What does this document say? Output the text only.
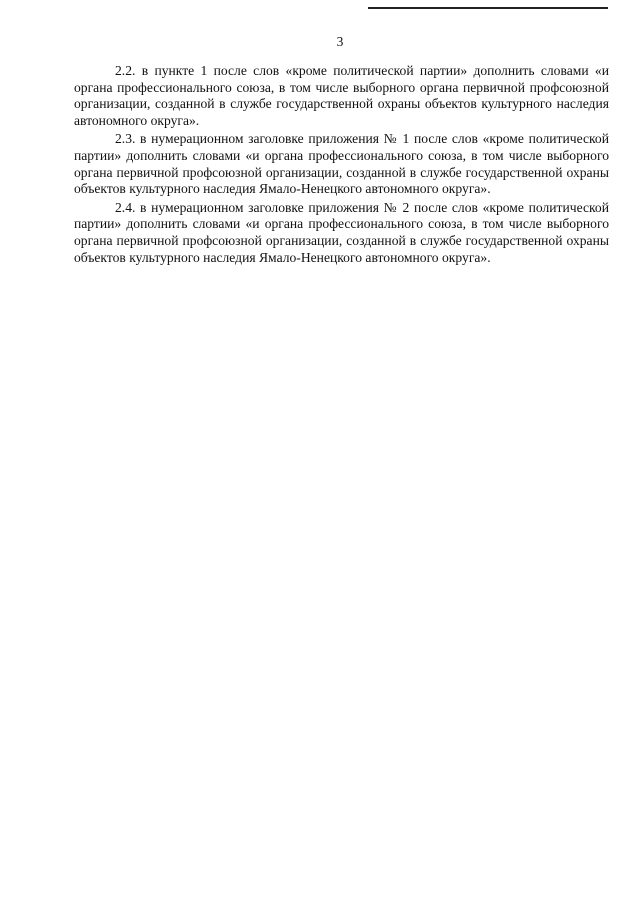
3

2.2. в пункте 1 после слов «кроме политической партии» дополнить словами «и органа профессионального союза, в том числе выборного органа первичной профсоюзной организации, созданной в службе государственной охраны объектов культурного наследия автономного округа».

2.3. в нумерационном заголовке приложения № 1 после слов «кроме политической партии» дополнить словами «и органа профессионального союза, в том числе выборного органа первичной профсоюзной организации, созданной в службе государственной охраны объектов культурного наследия Ямало-Ненецкого автономного округа».

2.4. в нумерационном заголовке приложения № 2 после слов «кроме политической партии» дополнить словами «и органа профессионального союза, в том числе выборного органа первичной профсоюзной организации, созданной в службе государственной охраны объектов культурного наследия Ямало-Ненецкого автономного округа».
